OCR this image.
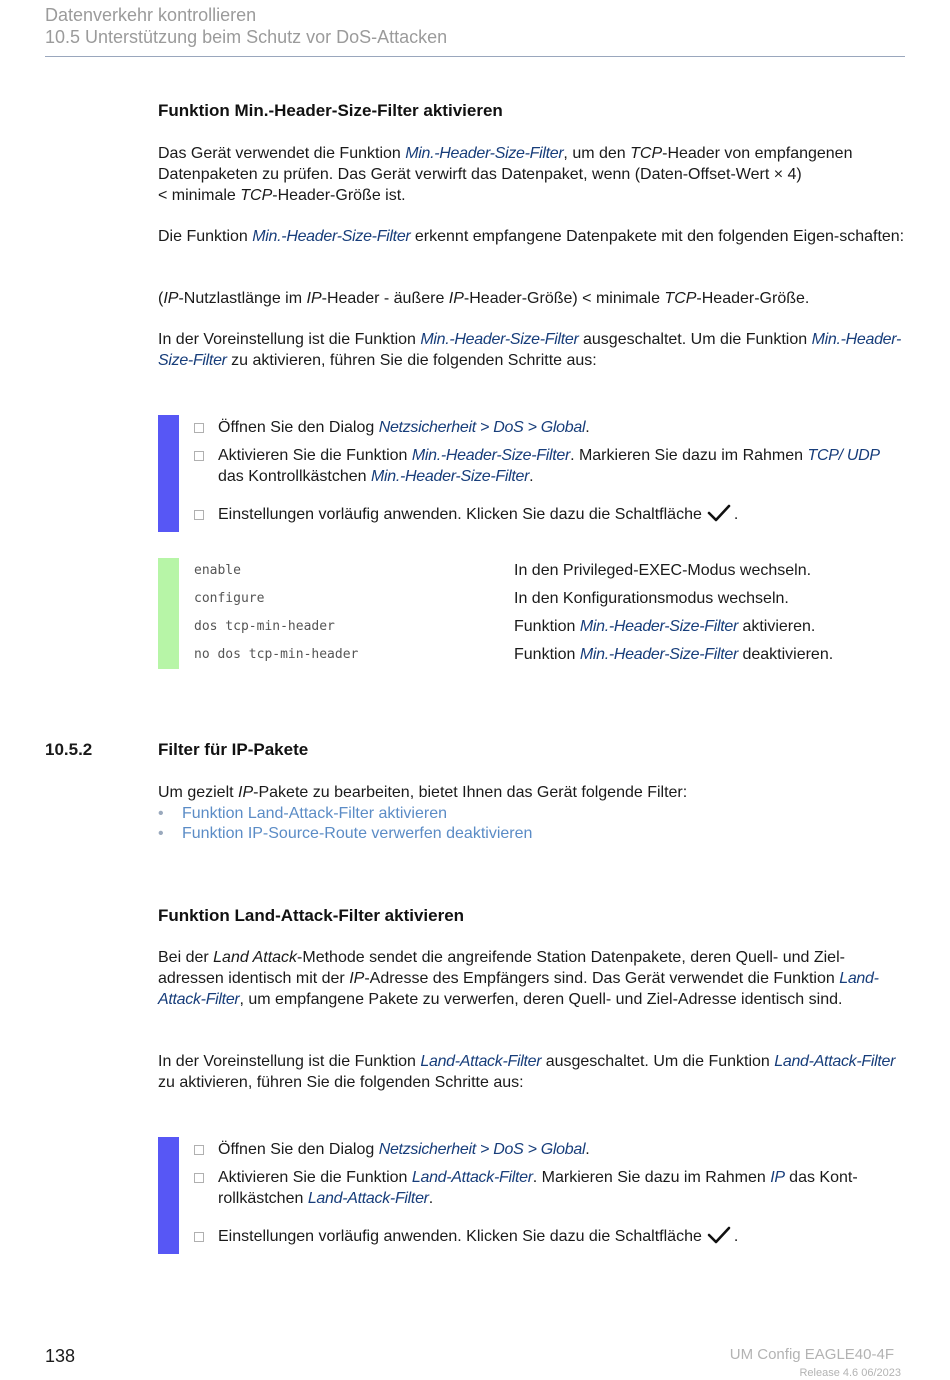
Datenverkehr kontrollieren
10.5 Unterstützung beim Schutz vor DoS-Attacken
Funktion Min.-Header-Size-Filter aktivieren

Das Gerät verwendet die Funktion Min.-Header-Size-Filter, um den TCP-Header von empfangenen Datenpaketen zu prüfen. Das Gerät verwirft das Datenpaket, wenn (Daten-Offset-Wert × 4)

< minimale TCP-Header-Größe ist.

Die Funktion Min.-Header-Size-Filter erkennt empfangene Datenpakete mit den folgenden Eigen-schaften:

(IP-Nutzlastlänge im IP-Header - äußere IP-Header-Größe) < minimale TCP-Header-Größe.

In der Voreinstellung ist die Funktion Min.-Header-Size-Filter ausgeschaltet. Um die Funktion Min.-Header-Size-Filter zu aktivieren, führen Sie die folgenden Schritte aus:

Öffnen Sie den Dialog Netzsicherheit > DoS > Global.
Aktivieren Sie die Funktion Min.-Header-Size-Filter. Markieren Sie dazu im Rahmen TCP/ UDP das Kontrollkästchen Min.-Header-Size-Filter.
Einstellungen vorläufig anwenden. Klicken Sie dazu die Schaltfläche .
enable	In den Privileged-EXEC-Modus wechseln.
configure	In den Konfigurationsmodus wechseln.
dos tcp-min-header	Funktion Min.-Header-Size-Filter aktivieren.
no dos tcp-min-header	Funktion Min.-Header-Size-Filter deaktivieren.
10.5.2	Filter für IP-Pakete

Um gezielt IP-Pakete zu bearbeiten, bietet Ihnen das Gerät folgende Filter:

• Funktion Land-Attack-Filter aktivieren
• Funktion IP-Source-Route verwerfen deaktivieren
Funktion Land-Attack-Filter aktivieren

Bei der Land Attack-Methode sendet die angreifende Station Datenpakete, deren Quell- und Ziel-adressen identisch mit der IP-Adresse des Empfängers sind. Das Gerät verwendet die Funktion Land-Attack-Filter, um empfangene Pakete zu verwerfen, deren Quell- und Ziel-Adresse identisch sind.

In der Voreinstellung ist die Funktion Land-Attack-Filter ausgeschaltet. Um die Funktion Land-Attack-Filter zu aktivieren, führen Sie die folgenden Schritte aus:

Öffnen Sie den Dialog Netzsicherheit > DoS > Global.
Aktivieren Sie die Funktion Land-Attack-Filter. Markieren Sie dazu im Rahmen IP das Kont-rollkästchen Land-Attack-Filter.
Einstellungen vorläufig anwenden. Klicken Sie dazu die Schaltfläche .
138	UM Config EAGLE40-4F
Release 4.6 06/2023
